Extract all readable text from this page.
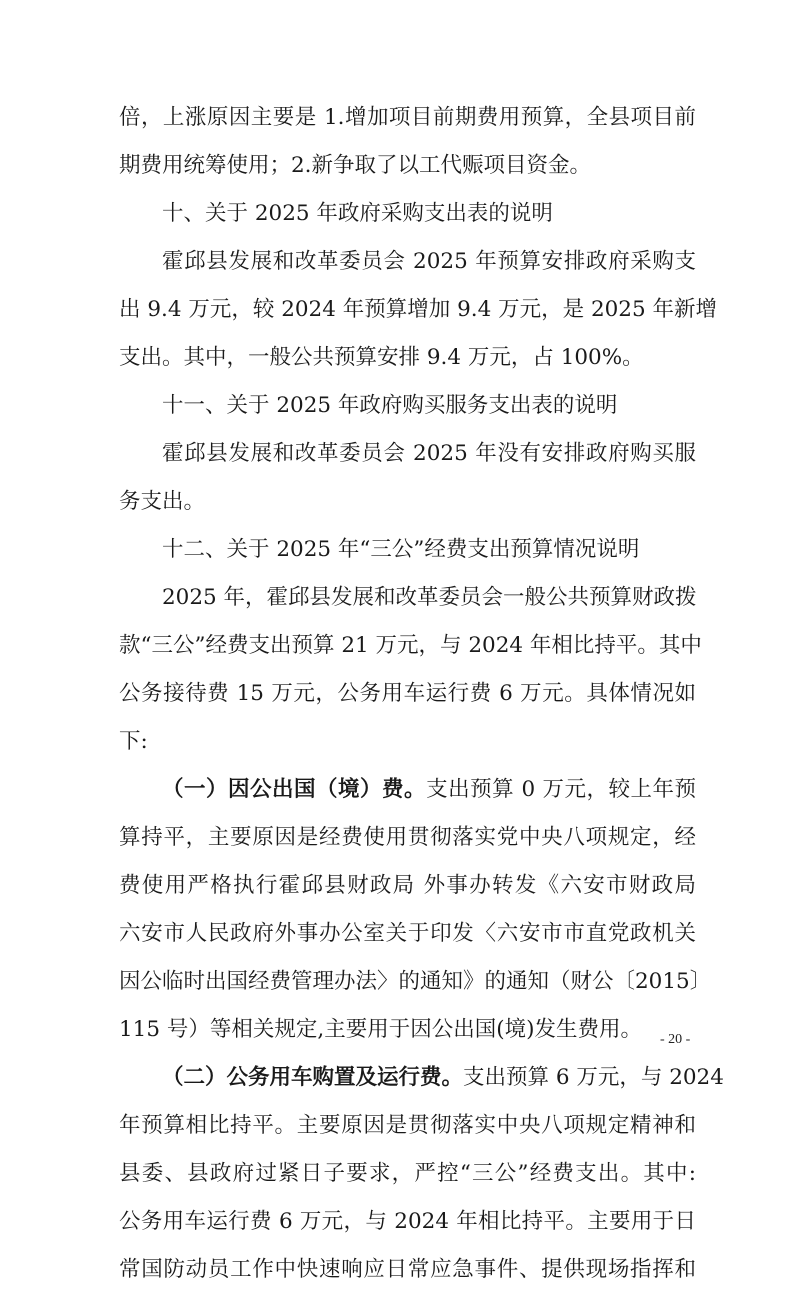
倍，上涨原因主要是 1.增加项目前期费用预算，全县项目前
期费用统筹使用；2.新争取了以工代赈项目资金。
十、关于 2025 年政府采购支出表的说明
霍邱县发展和改革委员会 2025 年预算安排政府采购支
出 9.4 万元，较 2024 年预算增加 9.4 万元，是 2025 年新增
支出。其中，一般公共预算安排 9.4 万元，占 100%。
十一、关于 2025 年政府购买服务支出表的说明
霍邱县发展和改革委员会 2025 年没有安排政府购买服
务支出。
十二、关于 2025 年“三公”经费支出预算情况说明
2025 年，霍邱县发展和改革委员会一般公共预算财政拨
款“三公”经费支出预算 21 万元，与 2024 年相比持平。其中
公务接待费 15 万元，公务用车运行费 6 万元。具体情况如
下:
（一）因公出国（境）费。支出预算 0 万元，较上年预
算持平，主要原因是经费使用贯彻落实党中央八项规定，经
费使用严格执行霍邱县财政局 外事办转发《六安市财政局
六安市人民政府外事办公室关于印发〈六安市市直党政机关
因公临时出国经费管理办法〉的通知》的通知（财公〔2015〕
115 号）等相关规定,主要用于因公出国(境)发生费用。
（二）公务用车购置及运行费。支出预算 6 万元，与 2024
年预算相比持平。主要原因是贯彻落实中央八项规定精神和
县委、县政府过紧日子要求，严控“三公”经费支出。其中:
公务用车运行费 6 万元，与 2024 年相比持平。主要用于日
常国防动员工作中快速响应日常应急事件、提供现场指挥和
- 20 -
